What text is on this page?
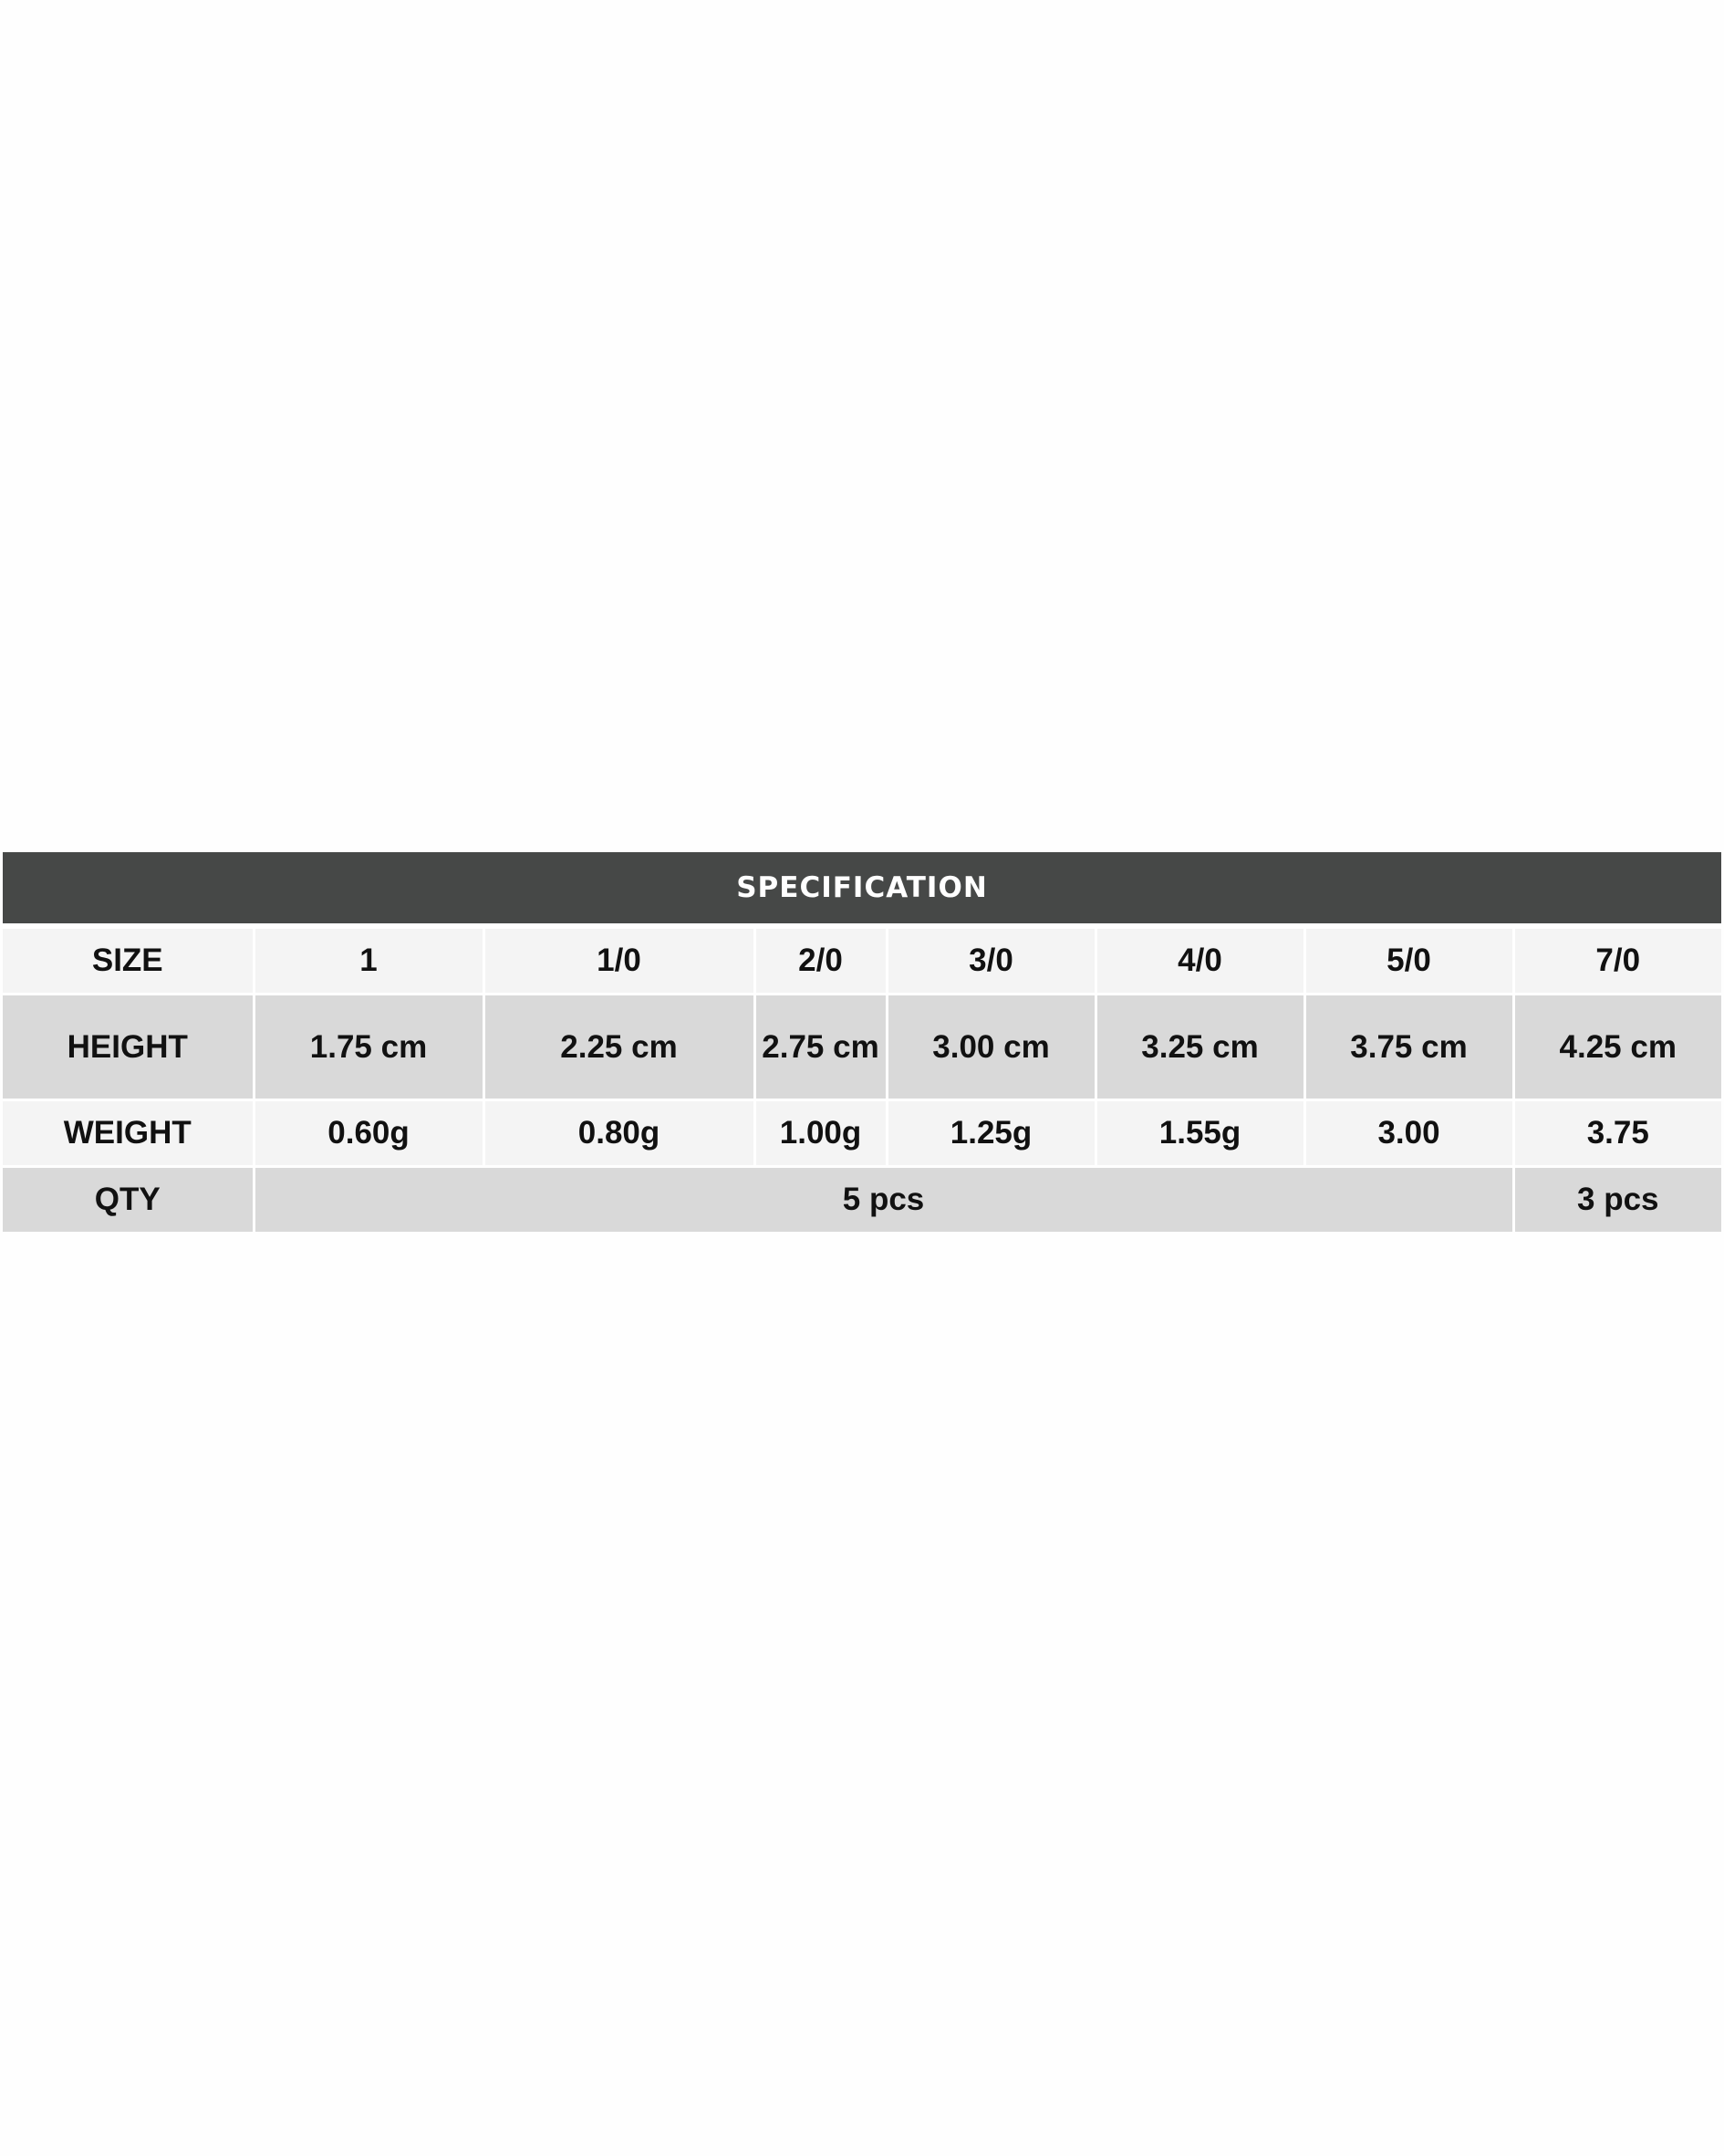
SPECIFICATION
SIZE	1	1/0	2/0	3/0	4/0	5/0	7/0
HEIGHT	1.75 cm	2.25 cm	2.75 cm	3.00 cm	3.25 cm	3.75 cm	4.25 cm
WEIGHT	0.60g	0.80g	1.00g	1.25g	1.55g	3.00	3.75
QTY	5 pcs						3 pcs
